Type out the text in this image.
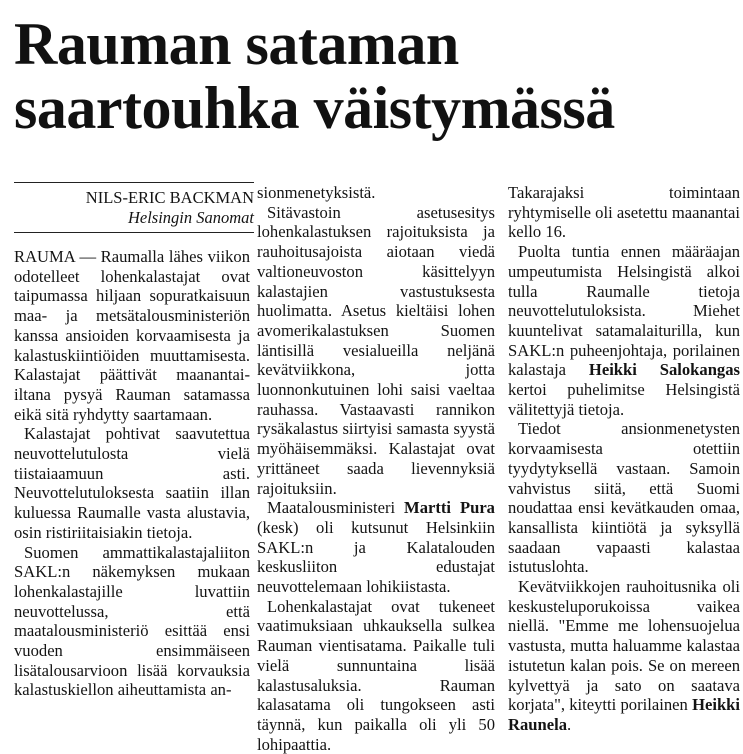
Rauman sataman
saartouhka väistymässä
NILS-ERIC BACKMAN
Helsingin Sanomat

RAUMA — Raumalla lähes viikon odotelleet lohenkalastajat ovat taipumassa hiljaan sopuratkaisuun maa- ja metsätalousministeriön kanssa ansioiden korvaamisesta ja kalastuskiintiöiden muuttamisesta. Kalastajat päättivät maanantai-iltana pysyä Rauman satamassa eikä sitä ryhdytty saartamaan.

Kalastajat pohtivat saavutettua neuvottelutulosta vielä tiistaiaamuun asti. Neuvottelutuloksesta saatiin illan kuluessa Raumalle vasta alustavia, osin ristiriitaisiakin tietoja.

Suomen ammattikalastajaliiton SAKL:n näkemyksen mukaan lohenkalastajille luvattiin neuvottelussa, että maatalousministeriö esittää ensi vuoden ensimmäiseen lisätalousarvioon lisää korvauksia kalastuskiellon aiheuttamista an-

sionmenetyksistä.

Sitävastoin asetusesitys lohenkalastuksen rajoituksista ja rauhoitusajoista aiotaan viedä valtioneuvoston käsittelyyn kalastajien vastustuksesta huolimatta. Asetus kieltäisi lohen avomerikalastuksen Suomen läntisillä vesialueilla neljänä kevätviikkona, jotta luonnonkutuinen lohi saisi vaeltaa rauhassa. Vastaavasti rannikon rysäkalastus siirtyisi samasta syystä myöhäisemmäksi. Kalastajat ovat yrittäneet saada lievennyksiä rajoituksiin.

Maatalousministeri Martti Pura (kesk) oli kutsunut Helsinkiin SAKL:n ja Kalatalouden keskusliiton edustajat neuvottelemaan lohikiistasta.

Lohenkalastajat ovat tukeneet vaatimuksiaan uhkauksella sulkea Rauman vientisatama. Paikalle tuli vielä sunnuntaina lisää kalastusaluksia. Rauman kalasatama oli tungokseen asti täynnä, kun paikalla oli yli 50 lohipaattia.

Takarajaksi toimintaan ryhtymiselle oli asetettu maanantai kello 16.

Puolta tuntia ennen määräajan umpeutumista Helsingistä alkoi tulla Raumalle tietoja neuvottelutuloksista. Miehet kuuntelivat satamalaiturilla, kun SAKL:n puheenjohtaja, porilainen kalastaja Heikki Salokangas kertoi puhelimitse Helsingistä välitettyjä tietoja.

Tiedot ansionmenetysten korvaamisesta otettiin tyydytyksellä vastaan. Samoin vahvistus siitä, että Suomi noudattaa ensi kevätkauden omaa, kansallista kiintiötä ja syksyllä saadaan vapaasti kalastaa istutuslohta.

Kevätviikkojen rauhoitusnika oli keskusteluporukoissa vaikea niellä. "Emme me lohensuojelua vastusta, mutta haluamme kalastaa istutetun kalan pois. Se on mereen kylvettyä ja sato on saatava korjata", kiteytti porilainen Heikki Raunela.
